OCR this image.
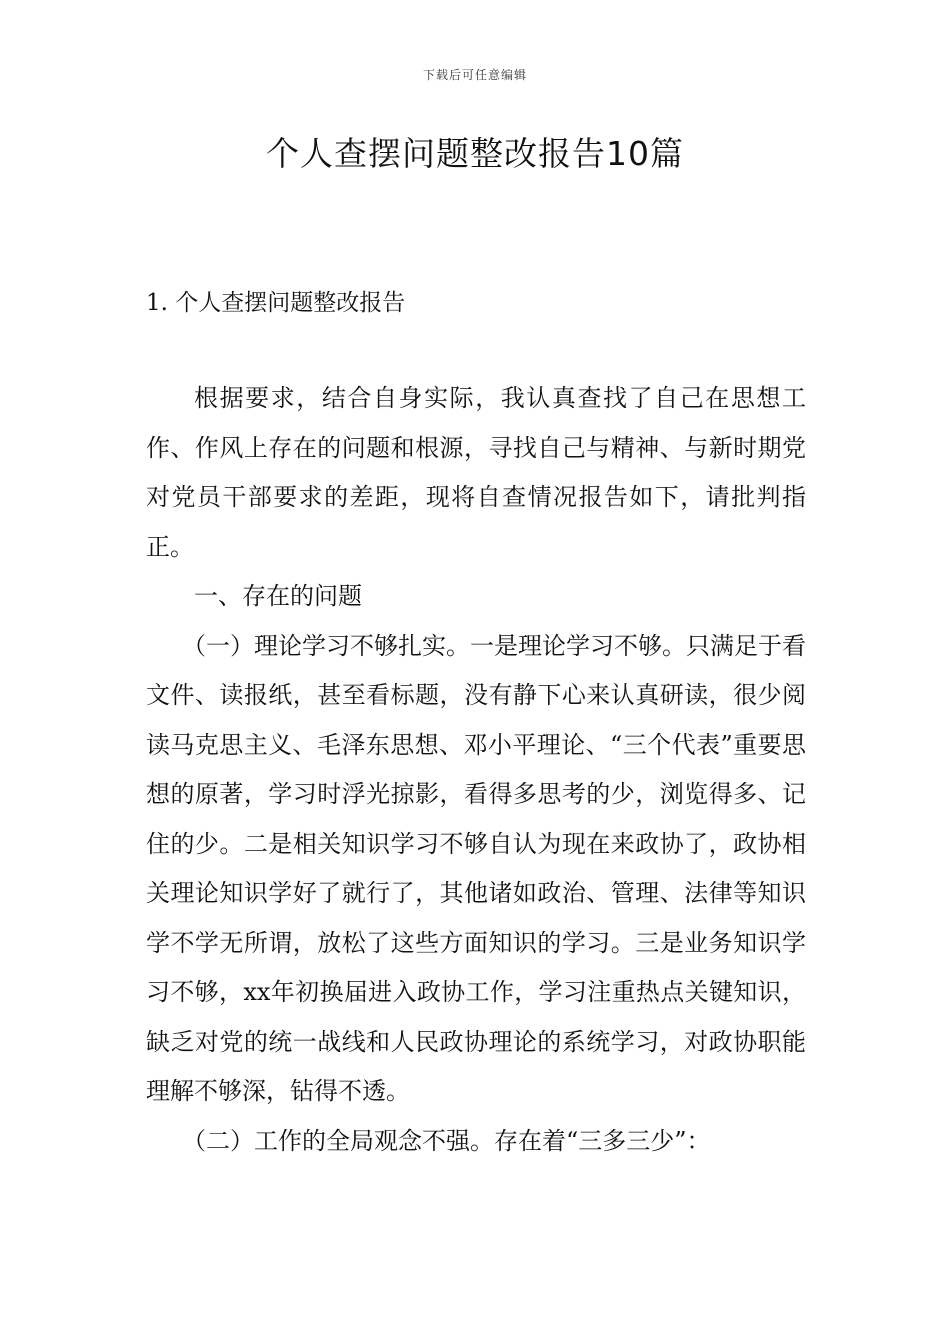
下载后可任意编辑
个人查摆问题整改报告10篇
1. 个人查摆问题整改报告

根据要求，结合自身实际，我认真查找了自己在思想工作、作风上存在的问题和根源，寻找自己与精神、与新时期党对党员干部要求的差距，现将自查情况报告如下，请批判指正。

一、存在的问题

（一）理论学习不够扎实。一是理论学习不够。只满足于看文件、读报纸，甚至看标题，没有静下心来认真研读，很少阅读马克思主义、毛泽东思想、邓小平理论、“三个代表”重要思想的原著，学习时浮光掠影，看得多思考的少，浏览得多、记住的少。二是相关知识学习不够自认为现在来政协了，政协相关理论知识学好了就行了，其他诸如政治、管理、法律等知识学不学无所谓，放松了这些方面知识的学习。三是业务知识学习不够，xx年初换届进入政协工作，学习注重热点关键知识，缺乏对党的统一战线和人民政协理论的系统学习，对政协职能理解不够深，钻得不透。

（二）工作的全局观念不强。存在着“三多三少”：
